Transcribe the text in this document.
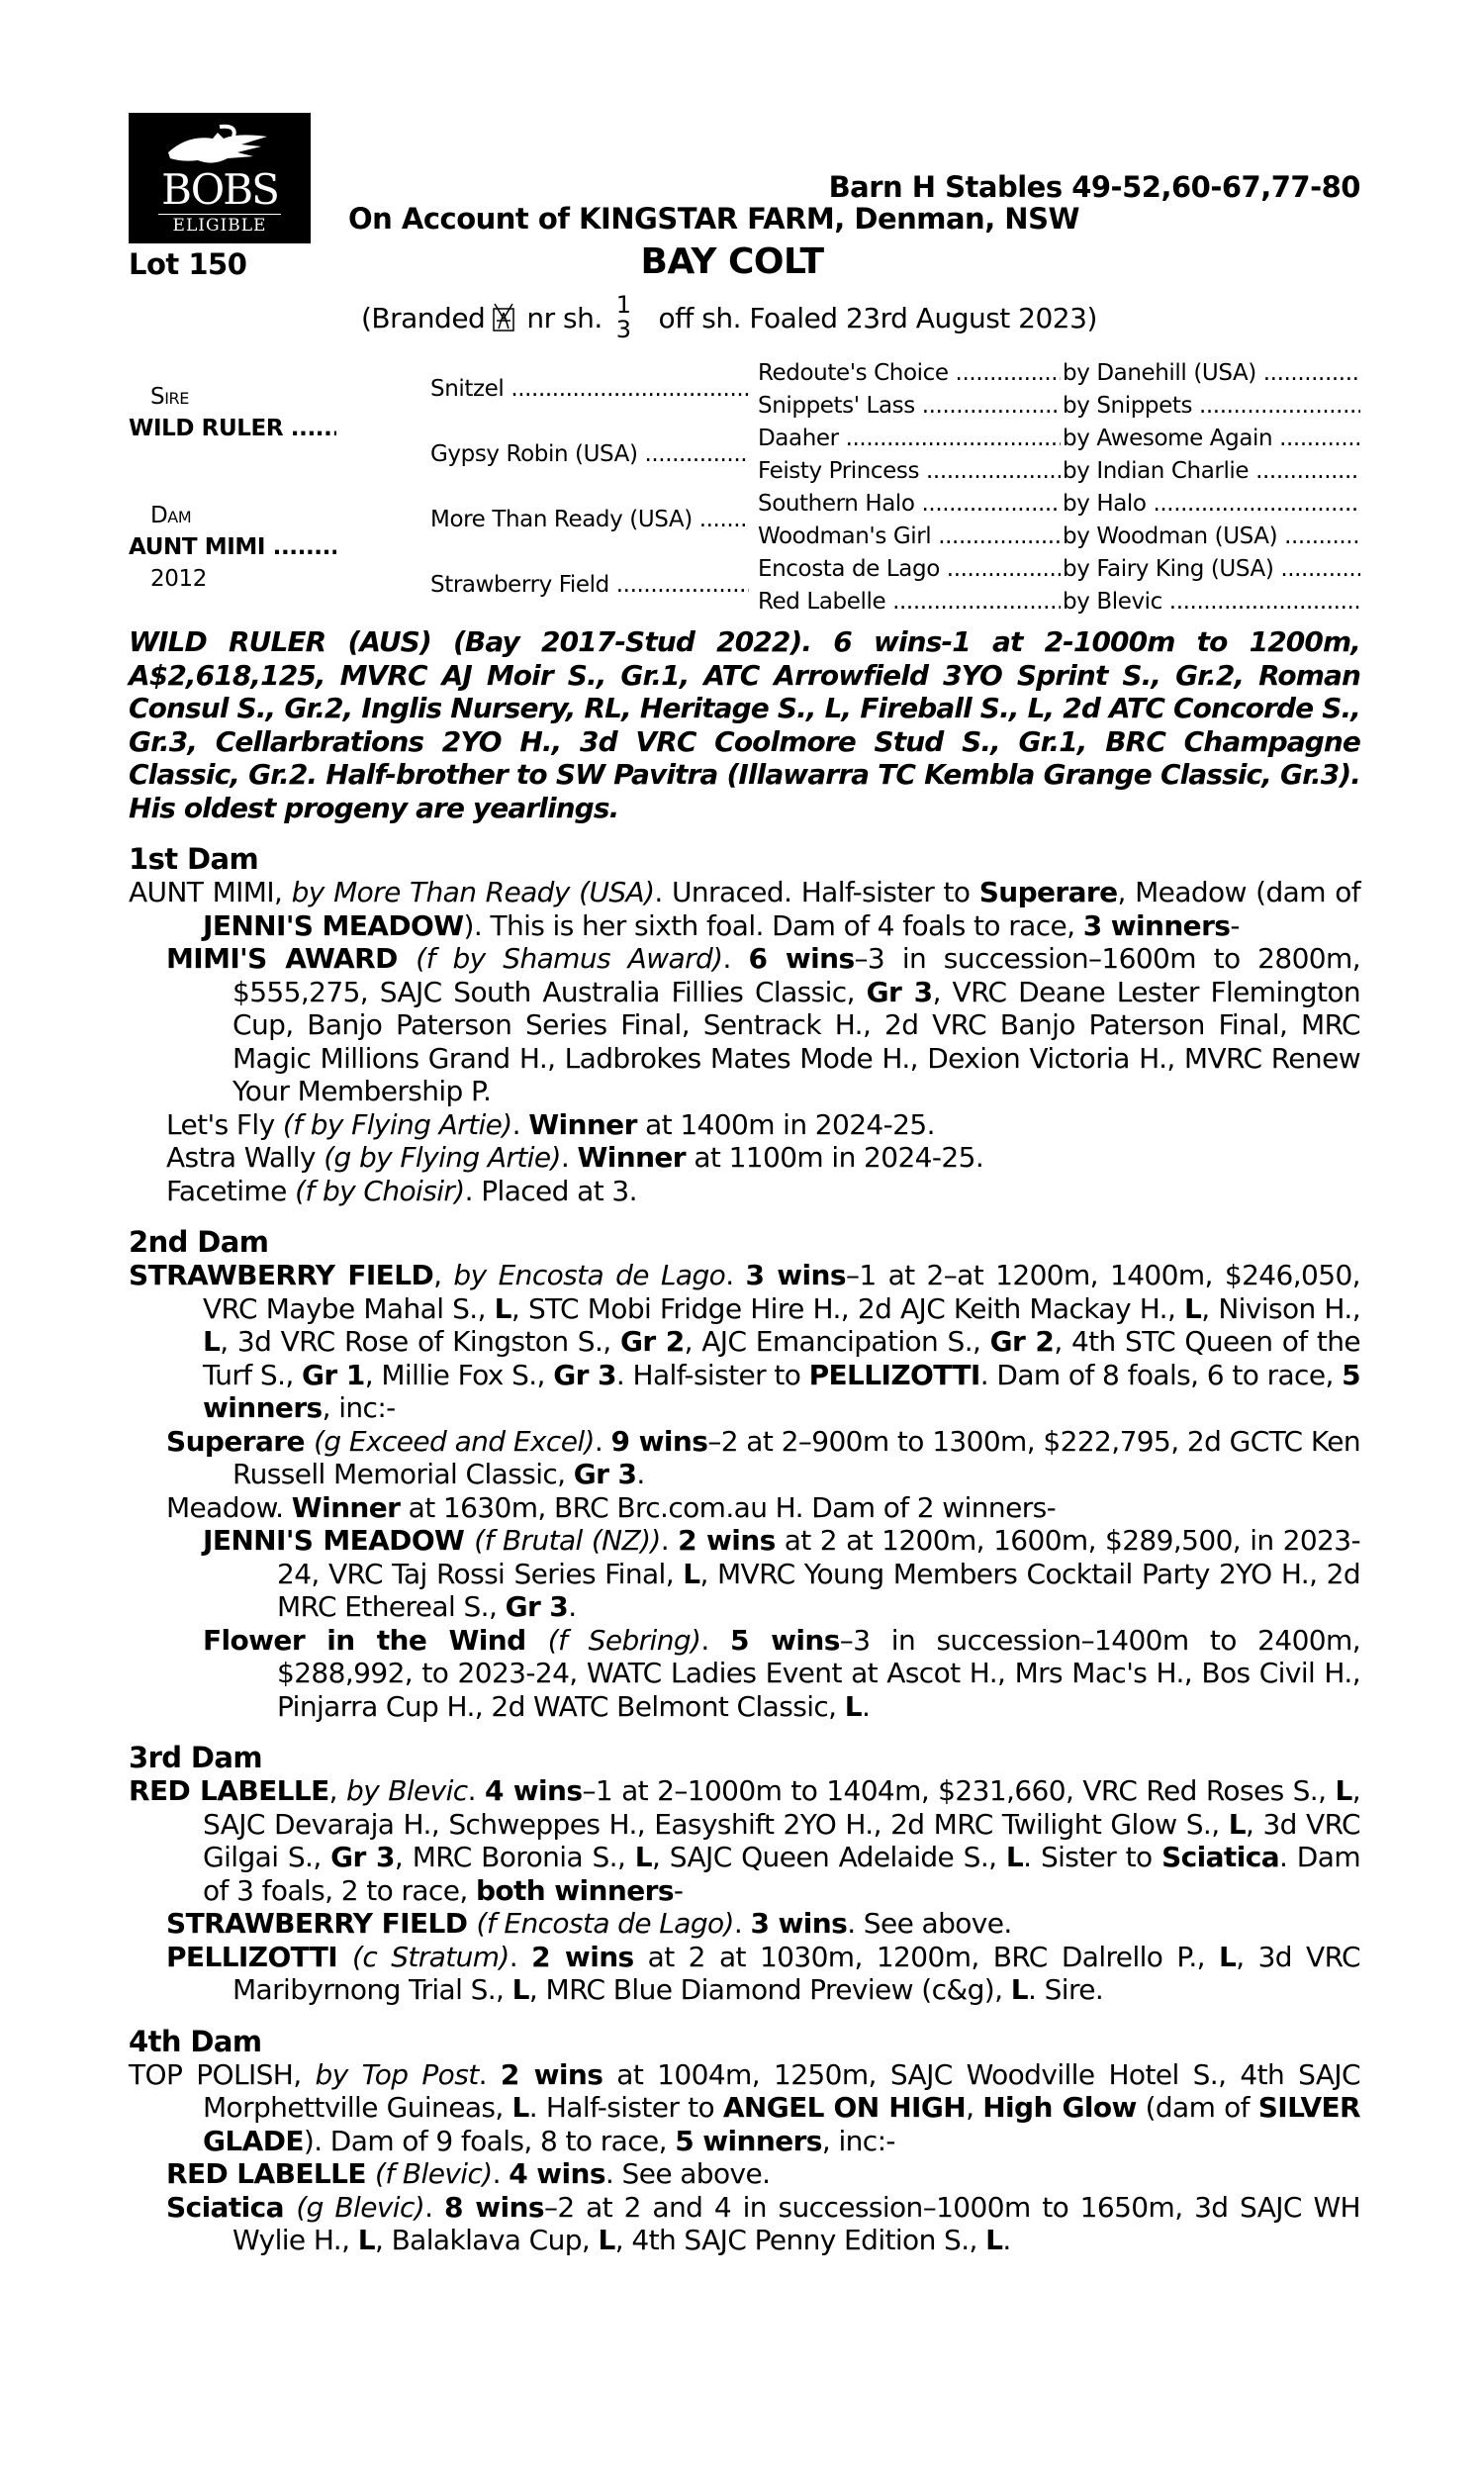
BOBS
ELIGIBLE
Barn H Stables 49-52,60-67,77-80
On Account of KINGSTAR FARM, Denman, NSW
Lot 150	BAY COLT
(Branded nr sh. 1
3 off sh. Foaled 23rd August 2023)
Sire
WILD RULER .....
Dam
AUNT MIMI .....
2012
Snitzel .....
Gypsy Robin (USA) .....
More Than Ready (USA) .....
Strawberry Field .....
Redoute's Choice .....
Snippets' Lass .....
Daaher .....
Feisty Princess .....
Southern Halo .....
Woodman's Girl .....
Encosta de Lago .....
Red Labelle .....
by Danehill (USA) .....
by Snippets .....
by Awesome Again .....
by Indian Charlie .....
by Halo .....
by Woodman (USA) .....
by Fairy King (USA) .....
by Blevic .....

WILD RULER (AUS) (Bay 2017-Stud 2022). 6 wins-1 at 2-1000m to 1200m, A$2,618,125, MVRC AJ Moir S., Gr.1, ATC Arrowfield 3YO Sprint S., Gr.2, Roman Consul S., Gr.2, Inglis Nursery, RL, Heritage S., L, Fireball S., L, 2d ATC Concorde S., Gr.3, Cellarbrations 2YO H., 3d VRC Coolmore Stud S., Gr.1, BRC Champagne Classic, Gr.2. Half-brother to SW Pavitra (Illawarra TC Kembla Grange Classic, Gr.3). His oldest progeny are yearlings.

1st Dam

AUNT MIMI, by More Than Ready (USA). Unraced. Half-sister to Superare, Meadow (dam of JENNI'S MEADOW). This is her sixth foal. Dam of 4 foals to race, 3 winners-

MIMI'S AWARD (f by Shamus Award). 6 wins–3 in succession–1600m to 2800m, $555,275, SAJC South Australia Fillies Classic, Gr 3, VRC Deane Lester Flemington Cup, Banjo Paterson Series Final, Sentrack H., 2d VRC Banjo Paterson Final, MRC Magic Millions Grand H., Ladbrokes Mates Mode H., Dexion Victoria H., MVRC Renew Your Membership P.

Let's Fly (f by Flying Artie). Winner at 1400m in 2024-25.

Astra Wally (g by Flying Artie). Winner at 1100m in 2024-25.

Facetime (f by Choisir). Placed at 3.

2nd Dam

STRAWBERRY FIELD, by Encosta de Lago. 3 wins–1 at 2–at 1200m, 1400m, $246,050, VRC Maybe Mahal S., L, STC Mobi Fridge Hire H., 2d AJC Keith Mackay H., L, Nivison H., L, 3d VRC Rose of Kingston S., Gr 2, AJC Emancipation S., Gr 2, 4th STC Queen of the Turf S., Gr 1, Millie Fox S., Gr 3. Half-sister to PELLIZOTTI. Dam of 8 foals, 6 to race, 5 winners, inc:-

Superare (g Exceed and Excel). 9 wins–2 at 2–900m to 1300m, $222,795, 2d GCTC Ken Russell Memorial Classic, Gr 3.

Meadow. Winner at 1630m, BRC Brc.com.au H. Dam of 2 winners-

JENNI'S MEADOW (f Brutal (NZ)). 2 wins at 2 at 1200m, 1600m, $289,500, in 2023-24, VRC Taj Rossi Series Final, L, MVRC Young Members Cocktail Party 2YO H., 2d MRC Ethereal S., Gr 3.

Flower in the Wind (f Sebring). 5 wins–3 in succession–1400m to 2400m, $288,992, to 2023-24, WATC Ladies Event at Ascot H., Mrs Mac's H., Bos Civil H., Pinjarra Cup H., 2d WATC Belmont Classic, L.

3rd Dam

RED LABELLE, by Blevic. 4 wins–1 at 2–1000m to 1404m, $231,660, VRC Red Roses S., L, SAJC Devaraja H., Schweppes H., Easyshift 2YO H., 2d MRC Twilight Glow S., L, 3d VRC Gilgai S., Gr 3, MRC Boronia S., L, SAJC Queen Adelaide S., L. Sister to Sciatica. Dam of 3 foals, 2 to race, both winners-

STRAWBERRY FIELD (f Encosta de Lago). 3 wins. See above.

PELLIZOTTI (c Stratum). 2 wins at 2 at 1030m, 1200m, BRC Dalrello P., L, 3d VRC Maribyrnong Trial S., L, MRC Blue Diamond Preview (c&g), L. Sire.

4th Dam

TOP POLISH, by Top Post. 2 wins at 1004m, 1250m, SAJC Woodville Hotel S., 4th SAJC Morphettville Guineas, L. Half-sister to ANGEL ON HIGH, High Glow (dam of SILVER GLADE). Dam of 9 foals, 8 to race, 5 winners, inc:-

RED LABELLE (f Blevic). 4 wins. See above.

Sciatica (g Blevic). 8 wins–2 at 2 and 4 in succession–1000m to 1650m, 3d SAJC WH Wylie H., L, Balaklava Cup, L, 4th SAJC Penny Edition S., L.
